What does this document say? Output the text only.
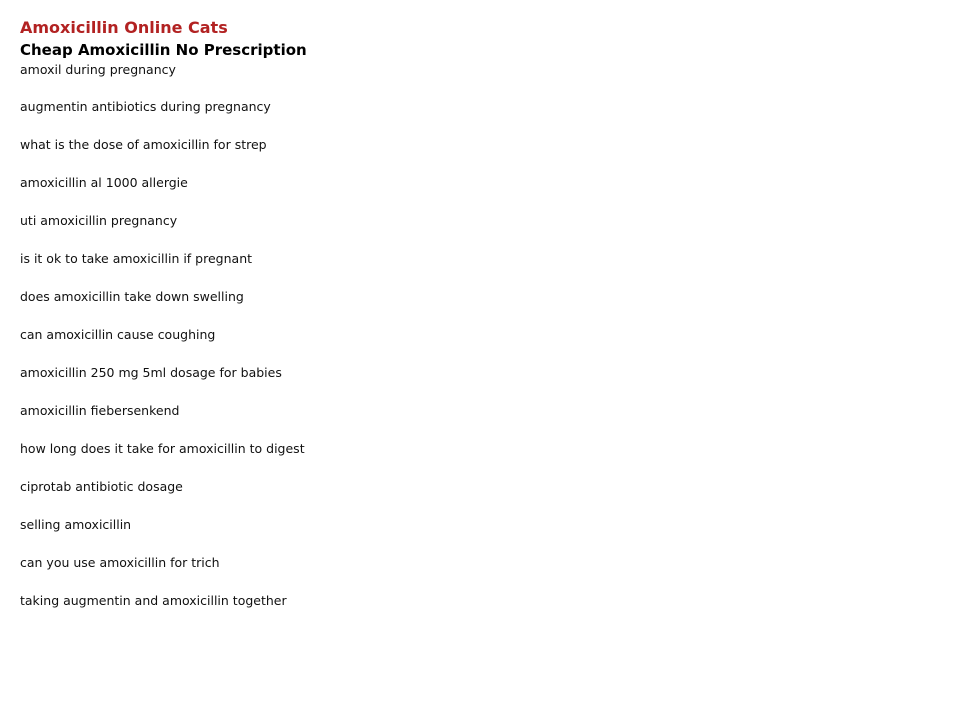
Amoxicillin Online Cats
Cheap Amoxicillin No Prescription
amoxil during pregnancy
augmentin antibiotics during pregnancy
what is the dose of amoxicillin for strep
amoxicillin al 1000 allergie
uti amoxicillin pregnancy
is it ok to take amoxicillin if pregnant
does amoxicillin take down swelling
can amoxicillin cause coughing
amoxicillin 250 mg 5ml dosage for babies
amoxicillin fiebersenkend
how long does it take for amoxicillin to digest
ciprotab antibiotic dosage
selling amoxicillin
can you use amoxicillin for trich
taking augmentin and amoxicillin together
